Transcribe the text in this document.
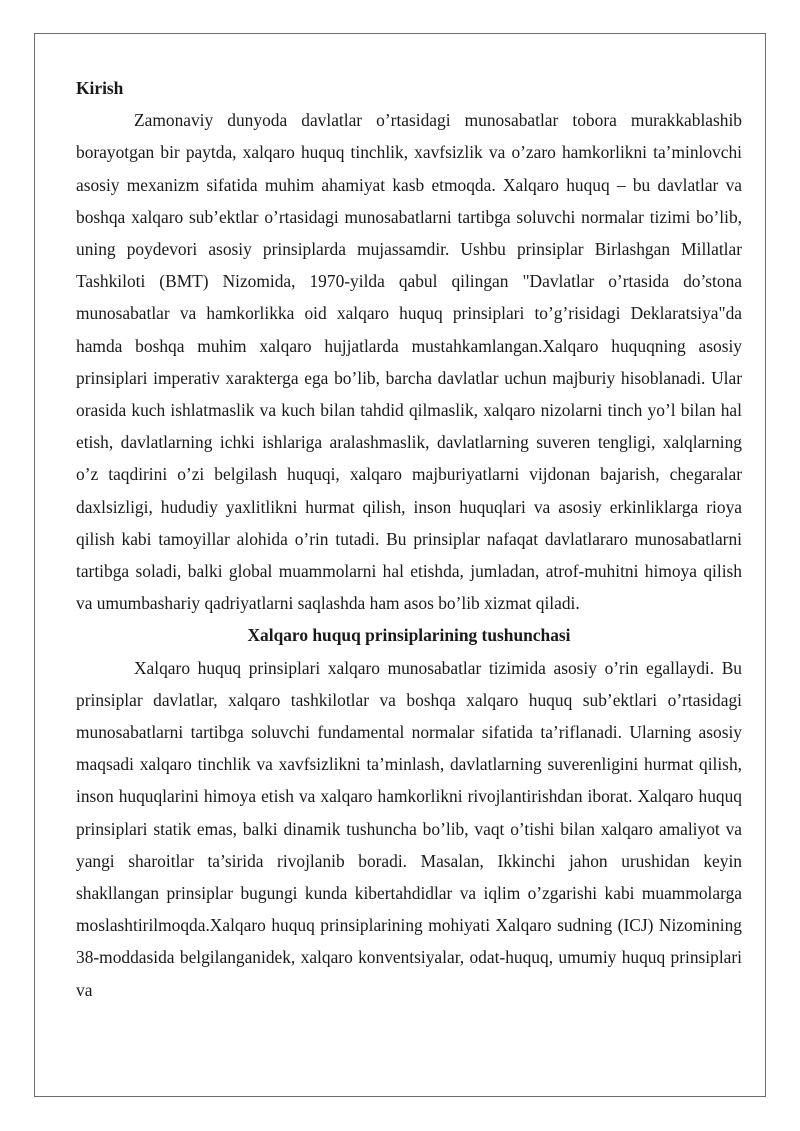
Kirish

Zamonaviy dunyoda davlatlar o’rtasidagi munosabatlar tobora murakkablashib borayotgan bir paytda, xalqaro huquq tinchlik, xavfsizlik va o’zaro hamkorlikni ta’minlovchi asosiy mexanizm sifatida muhim ahamiyat kasb etmoqda. Xalqaro huquq – bu davlatlar va boshqa xalqaro sub’ektlar o’rtasidagi munosabatlarni tartibga soluvchi normalar tizimi bo’lib, uning poydevori asosiy prinsiplarda mujassamdir. Ushbu prinsiplar Birlashgan Millatlar Tashkiloti (BMT) Nizomida, 1970-yilda qabul qilingan "Davlatlar o’rtasida do’stona munosabatlar va hamkorlikka oid xalqaro huquq prinsiplari to’g’risidagi Deklaratsiya"da hamda boshqa muhim xalqaro hujjatlarda mustahkamlangan.Xalqaro huquqning asosiy prinsiplari imperativ xarakterga ega bo’lib, barcha davlatlar uchun majburiy hisoblanadi. Ular orasida kuch ishlatmaslik va kuch bilan tahdid qilmaslik, xalqaro nizolarni tinch yo’l bilan hal etish, davlatlarning ichki ishlariga aralashmaslik, davlatlarning suveren tengligi, xalqlarning o’z taqdirini o’zi belgilash huquqi, xalqaro majburiyatlarni vijdonan bajarish, chegaralar daxlsizligi, hududiy yaxlitlikni hurmat qilish, inson huquqlari va asosiy erkinliklarga rioya qilish kabi tamoyillar alohida o’rin tutadi. Bu prinsiplar nafaqat davlatlararo munosabatlarni tartibga soladi, balki global muammolarni hal etishda, jumladan, atrof-muhitni himoya qilish va umumbashariy qadriyatlarni saqlashda ham asos bo’lib xizmat qiladi.

Xalqaro huquq prinsiplarining tushunchasi

Xalqaro huquq prinsiplari xalqaro munosabatlar tizimida asosiy o’rin egallaydi. Bu prinsiplar davlatlar, xalqaro tashkilotlar va boshqa xalqaro huquq sub’ektlari o’rtasidagi munosabatlarni tartibga soluvchi fundamental normalar sifatida ta’riflanadi. Ularning asosiy maqsadi xalqaro tinchlik va xavfsizlikni ta’minlash, davlatlarning suverenligini hurmat qilish, inson huquqlarini himoya etish va xalqaro hamkorlikni rivojlantirishdan iborat. Xalqaro huquq prinsiplari statik emas, balki dinamik tushuncha bo’lib, vaqt o’tishi bilan xalqaro amaliyot va yangi sharoitlar ta’sirida rivojlanib boradi. Masalan, Ikkinchi jahon urushidan keyin shakllangan prinsiplar bugungi kunda kibertahdidlar va iqlim o’zgarishi kabi muammolarga moslashtirilmoqda.Xalqaro huquq prinsiplarining mohiyati Xalqaro sudning (ICJ) Nizomining 38-moddasida belgilanganidek, xalqaro konventsiyalar, odat-huquq, umumiy huquq prinsiplari va
